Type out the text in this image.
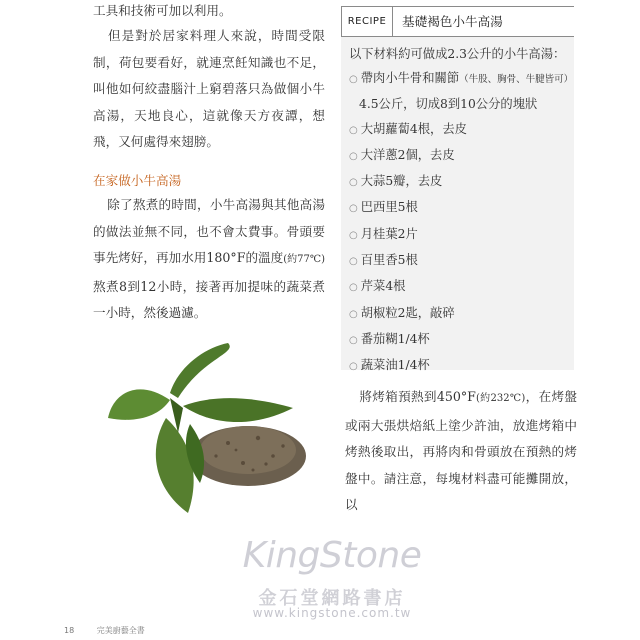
工具和技術可加以利用。

但是對於居家料理人來說，時間受限制，荷包要看好，就連烹飪知識也不足，叫他如何絞盡腦汁上窮碧落只為做個小牛高湯，天地良心，這就像天方夜譚，想飛，又何處得來翅膀。

在家做小牛高湯

除了熬煮的時間，小牛高湯與其他高湯的做法並無不同，也不會太費事。骨頭要事先烤好，再加水用180°F的溫度(約77℃)熬煮8到12小時，接著再加提味的蔬菜煮一小時，然後過濾。

RECIPE	基礎褐色小牛高湯

以下材料約可做成2.3公升的小牛高湯：

○ 帶肉小牛骨和關節（牛股、胸骨、牛腱皆可）

4.5公斤，切成8到10公分的塊狀

○ 大胡蘿蔔4根，去皮

○ 大洋蔥2個，去皮

○ 大蒜5瓣，去皮

○ 巴西里5根

○ 月桂葉2片

○ 百里香5根

○ 芹菜4根

○ 胡椒粒2匙，敲碎

○ 番茄糊1/4杯

○ 蔬菜油1/4杯

將烤箱預熱到450°F(約232℃)，在烤盤或兩大張烘焙紙上塗少許油，放進烤箱中烤熱後取出，再將肉和骨頭放在預熱的烤盤中。請注意，每塊材料盡可能攤開放，以

KingStone
金石堂網路書店
www.kingstone.com.tw
18	完美廚藝全書
